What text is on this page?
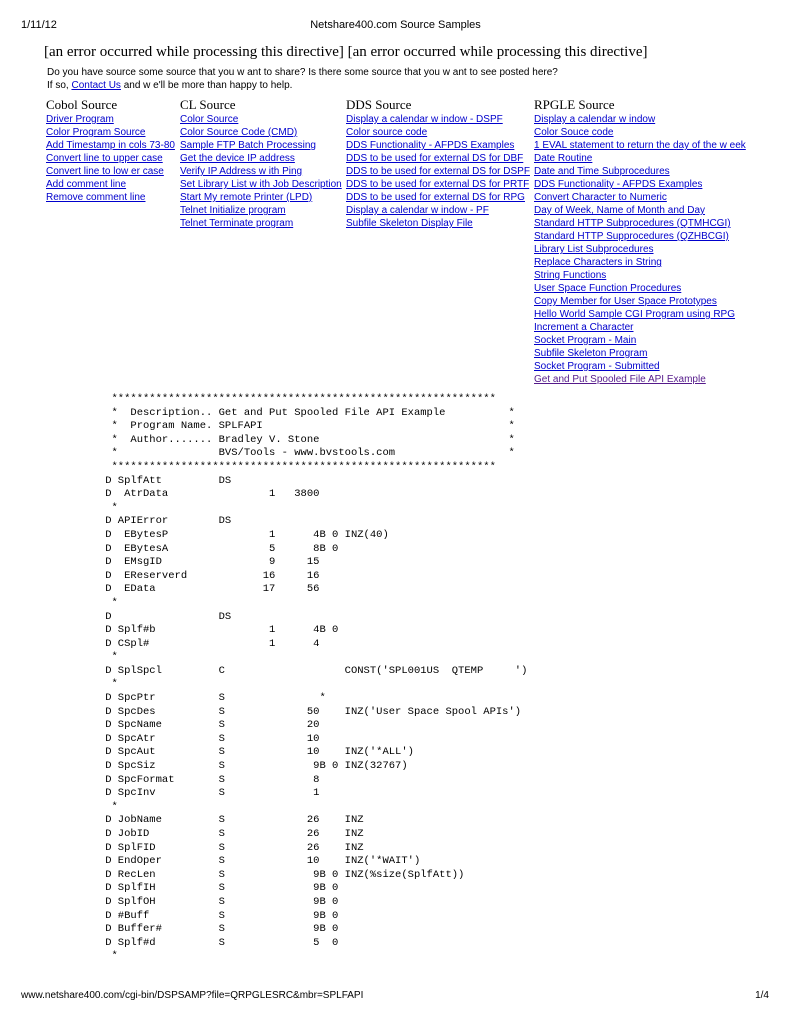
1/11/12	Netshare400.com Source Samples
[an error occurred while processing this directive] [an error occurred while processing this directive]
Do you have source some source that you w ant to share? Is there some source that you w ant to see posted here?
If so, Contact Us and w e'll be more than happy to help.
Cobol Source
Driver Program
Color Program Source
Add Timestamp in cols 73-80
Convert line to upper case
Convert line to low er case
Add comment line
Remove comment line
CL Source
Color Source
Color Source Code (CMD)
Sample FTP Batch Processing
Get the device IP address
Verify IP Address w ith Ping
Set Library List w ith Job Description
Start My remote Printer (LPD)
Telnet Initialize program
Telnet Terminate program
DDS Source
Display a calendar w indow - DSPF
Color source code
DDS Functionality - AFPDS Examples
DDS to be used for external DS for DBF
DDS to be used for external DS for DSPF
DDS to be used for external DS for PRTF
DDS to be used for external DS for RPG
Display a calendar w indow - PF
Subfile Skeleton Display File
RPGLE Source
Display a calendar w indow
Color Souce code
1 EVAL statement to return the day of the w eek
Date Routine
Date and Time Subprocedures
DDS Functionality - AFPDS Examples
Convert Character to Numeric
Day of Week, Name of Month and Day
Standard HTTP Subprocedures (QTMHCGI)
Standard HTTP Supprocedures (QZHBCGI)
Library List Subprocedures
Replace Characters in String
String Functions
User Space Function Procedures
Copy Member for User Space Prototypes
Hello World Sample CGI Program using RPG
Increment a Character
Socket Program - Main
Subfile Skeleton Program
Socket Program - Submitted
Get and Put Spooled File API Example
*************************************************************
*  Description.. Get and Put Spooled File API Example          *
*  Program Name. SPLFAPI                                       *
*  Author....... Bradley V. Stone                              *
*                BVS/Tools - www.bvstools.com                  *
*************************************************************
D SplfAtt         DS
D  AtrData                1   3800
*
D APIError        DS
D  EBytesP                1      4B 0 INZ(40)
D  EBytesA                5      8B 0
D  EMsgID                 9     15
D  EReserverd            16     16
D  EData                 17     56
*
D                 DS
D Splf#b                  1      4B 0
D CSpl#                   1      4
*
D SplSpcl         C                   CONST('SPL001US  QTEMP     ')
*
D SpcPtr          S               *
D SpcDes          S             50    INZ('User Space Spool APIs')
D SpcName         S             20
D SpcAtr          S             10
D SpcAut          S             10    INZ('*ALL')
D SpcSiz          S              9B 0 INZ(32767)
D SpcFormat       S              8
D SpcInv          S              1
*
D JobName         S             26    INZ
D JobID           S             26    INZ
D SplFID          S             26    INZ
D EndOper         S             10    INZ('*WAIT')
D RecLen          S              9B 0 INZ(%size(SplfAtt))
D SplfIH          S              9B 0
D SplfOH          S              9B 0
D #Buff           S              9B 0
D Buffer#         S              9B 0
D Splf#d          S              5  0
*
www.netshare400.com/cgi-bin/DSPSAMP?file=QRPGLESRC&mbr=SPLFAPI	1/4
